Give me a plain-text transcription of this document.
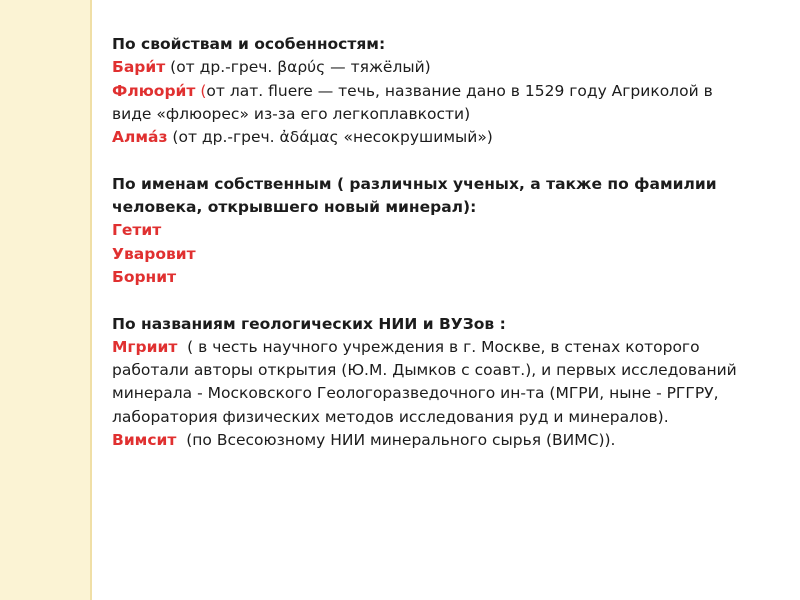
По свойствам и особенностям:
Бари́т (от др.-греч. βαρύς — тяжёлый)
Флюори́т (от лат. fluere — течь, название дано в 1529 году Агриколой в
виде «флюорес» из-за его легкоплавкости)
Алма́з (от др.-греч. ἀδάμας «несокрушимый»)
По именам собственным ( различных ученых, а также по фамилии
человека, открывшего новый минерал):
Гетит
Уваровит
Борнит
По названиям геологических НИИ и ВУЗов :
Мгриит  ( в честь научного учреждения в г. Москве, в стенах которого
работали авторы открытия (Ю.М. Дымков с соавт.), и первых исследований
минерала - Московского Геологоразведочного ин-та (МГРИ, ныне - РГГРУ,
лаборатория физических методов исследования руд и минералов).
Вимсит  (по Всесоюзному НИИ минерального сырья (ВИМС)).
